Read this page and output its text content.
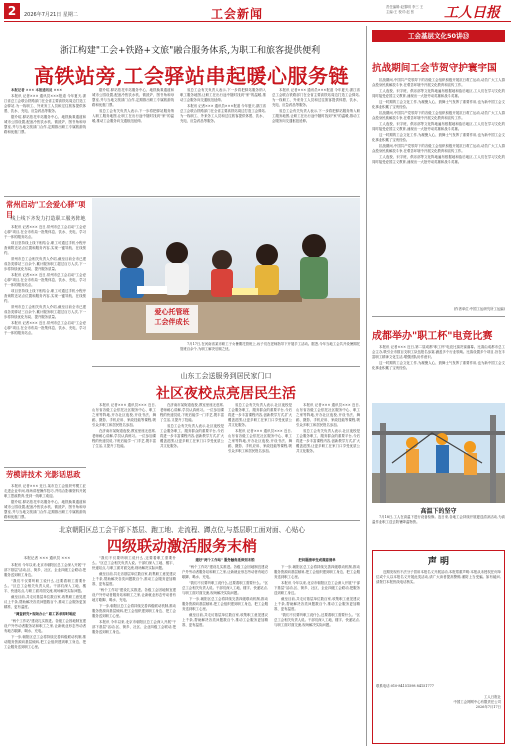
2	2026年7月21日 星期二	工会新闻	责任编辑:赵黎明 李三 王
主编:王 校对:赵 张	工人日报
浙江构建"工会+铁路+文旅"融合服务体系,为职工和旅客提供便利
高铁站旁,工会驿站串起暖心服务链

本报记者 ××× 本报通讯员 ×××

本报讯 记者××× 通讯员×××报道 今年夏天,浙江省总工会联合铁路部门在全省主要高铁站周边打造工会驿站,为一线职工、外来务工人员和过往旅客提供休憩、饮水、充电、应急药品等服务。

据介绍,驿站依托车站服务中心、地铁换乘通道和城市公园设置,配备冷热饮水机、微波炉、图书角和母婴室,并与当地文旅部门合作,定期推出职工专属旅游线路和优惠门票。

据介绍,驿站依托车站服务中心、地铁换乘通道和城市公园设置,配备冷热饮水机、微波炉、图书角和母婴室,并与当地文旅部门合作,定期推出职工专属旅游线路和优惠门票。

省总工会有关负责人表示,下一步将把驿站服务纳入职工服务地图,让职工在出行途中随时找到"家"的温暖,推动工会服务向交通枢纽延伸。

省总工会有关负责人表示,下一步将把驿站服务纳入职工服务地图,让职工在出行途中随时找到"家"的温暖,推动工会服务向交通枢纽延伸。

本报讯 记者××× 通讯员×××报道 今年夏天,浙江省总工会联合铁路部门在全省主要高铁站周边打造工会驿站,为一线职工、外来务工人员和过往旅客提供休憩、饮水、充电、应急药品等服务。

本报讯 记者××× 通讯员×××报道 今年夏天,浙江省总工会联合铁路部门在全省主要高铁站周边打造工会驿站,为一线职工、外来务工人员和过往旅客提供休憩、饮水、充电、应急药品等服务。

省总工会有关负责人表示,下一步将把驿站服务纳入职工服务地图,让职工在出行途中随时找到"家"的温暖,推动工会服务向交通枢纽延伸。

常州启动"工会爱心驿"项目
线上线下齐发力打造职工服务阵地

本报讯 记者××× 近日,常州市总工会启动"工会爱心驿"项目,在全市布局一批集休息、饮水、充电、学习于一体的服务站点。

项目坚持线上线下相结合,职工可通过手机小程序查询附近站点位置和服务内容,实现一键导航、在线预约。

常州市总工会相关负责人介绍,截至目前全市已建成各类驿站三百余个,累计服务职工超过百万人次,下一步将持续优化布局、提升服务质量。

本报讯 记者××× 近日,常州市总工会启动"工会爱心驿"项目,在全市布局一批集休息、饮水、充电、学习于一体的服务站点。

项目坚持线上线下相结合,职工可通过手机小程序查询附近站点位置和服务内容,实现一键导航、在线预约。

常州市总工会相关负责人介绍,截至目前全市已建成各类驿站三百余个,累计服务职工超过百万人次,下一步将持续优化布局、提升服务质量。

本报讯 记者××× 近日,常州市总工会启动"工会爱心驿"项目,在全市布局一批集休息、饮水、充电、学习于一体的服务站点。

劳模讲技术 光影话思政

本报讯 记者××× 近日,某市总工会组织劳模工匠走进企业车间,现场讲授操作技巧,并结合影像资料开展职工思政教育,受到一线职工欢迎。

据介绍,驿站依托车站服务中心、地铁换乘通道和城市公园设置,配备冷热饮水机、微波炉、图书角和母婴室,并与当地文旅部门合作,定期推出职工专属旅游线路和优惠门票。

爱心托管班
工会伴成长
7月17日,在河南省某市职工子女暑期托管班上,孩子们在老师指导下开展手工活动。据悉,今年当地工会共开设暑期托管班百余个,为职工解决后顾之忧。
山东工会送服务到居民家门口
社区夜校点亮居民生活

本报讯 记者××× 通讯员××× 近日,山东省各级工会依托社区服务中心、职工之家等阵地,开办社区夜校,开设书法、舞蹈、摄影、手机应用、家政技能等课程,吸引众多职工和居民报名参加。

在济南市某街道夜校,教室里座无虚席,老师耐心讲解,学员认真练习。一位参加课程的快递员说,下班后能学一门手艺,既丰富了生活,又提升了技能。

在济南市某街道夜校,教室里座无虚席,老师耐心讲解,学员认真练习。一位参加课程的快递员说,下班后能学一门手艺,既丰富了生活,又提升了技能。

省总工会有关负责人表示,社区夜校是工会服务职工、服务群众的重要平台,今后将进一步丰富课程内容,创新教学方式,扩大覆盖范围,让更多职工在家门口享受优质公共文化服务。

省总工会有关负责人表示,社区夜校是工会服务职工、服务群众的重要平台,今后将进一步丰富课程内容,创新教学方式,扩大覆盖范围,让更多职工在家门口享受优质公共文化服务。

本报讯 记者××× 通讯员××× 近日,山东省各级工会依托社区服务中心、职工之家等阵地,开办社区夜校,开设书法、舞蹈、摄影、手机应用、家政技能等课程,吸引众多职工和居民报名参加。

本报讯 记者××× 通讯员××× 近日,山东省各级工会依托社区服务中心、职工之家等阵地,开办社区夜校,开设书法、舞蹈、摄影、手机应用、家政技能等课程,吸引众多职工和居民报名参加。

省总工会有关负责人表示,社区夜校是工会服务职工、服务群众的重要平台,今后将进一步丰富课程内容,创新教学方式,扩大覆盖范围,让更多职工在家门口享受优质公共文化服务。

北京朝阳区总工会干部下基层、跑工地、走流程、蹲点位,与基层职工面对面、心贴心
四级联动激活服务末梢
本报记者 ××× 通讯员 ×××

本报讯 今年以来,北京市朝阳区总工会深入开展"干部下基层"活动,区、街乡、社区、企业四级工会联动,把服务送到职工身边。

"我们不仅要听职工说什么,还要看职工需要什么。"区总工会相关负责人说。干部们深入工地、楼宇、快递站点,与职工面对面交流,现场解决实际问题。

截至目前,共走访基层单位数百家,收集职工意见建议上千条,帮助解决各类问题数百个,推动工会服务更加精准、更有温度。

"调查研究+现场办公" 职工诉求即时响应

"两个工作站"建设扎实推进。各级工会因地制宜建设户外劳动者服务站和职工之家,让新就业形态劳动者有地方歇脚、喝水、充电。

下一步,朝阳区总工会将持续完善四级联动机制,推动服务资源向基层倾斜,把工会组织建到职工身边、把工会服务送到职工心里。

"我们不仅要听职工说什么,还要看职工需要什么。"区总工会相关负责人说。干部们深入工地、楼宇、快递站点,与职工面对面交流,现场解决实际问题。

截至目前,共走访基层单位数百家,收集职工意见建议上千条,帮助解决各类问题数百个,推动工会服务更加精准、更有温度。

"两个工作站"建设扎实推进。各级工会因地制宜建设户外劳动者服务站和职工之家,让新就业形态劳动者有地方歇脚、喝水、充电。

下一步,朝阳区总工会将持续完善四级联动机制,推动服务资源向基层倾斜,把工会组织建到职工身边、把工会服务送到职工心里。

本报讯 今年以来,北京市朝阳区总工会深入开展"干部下基层"活动,区、街乡、社区、企业四级工会联动,把服务送到职工身边。

建好"两个工作站" 服务触角延伸到末梢

"两个工作站"建设扎实推进。各级工会因地制宜建设户外劳动者服务站和职工之家,让新就业形态劳动者有地方歇脚、喝水、充电。

"我们不仅要听职工说什么,还要看职工需要什么。"区总工会相关负责人说。干部们深入工地、楼宇、快递站点,与职工面对面交流,现场解决实际问题。

下一步,朝阳区总工会将持续完善四级联动机制,推动服务资源向基层倾斜,把工会组织建到职工身边、把工会服务送到职工心里。

截至目前,共走访基层单位数百家,收集职工意见建议上千条,帮助解决各类问题数百个,推动工会服务更加精准、更有温度。

把问题清单变成满意清单

下一步,朝阳区总工会将持续完善四级联动机制,推动服务资源向基层倾斜,把工会组织建到职工身边、把工会服务送到职工心里。

本报讯 今年以来,北京市朝阳区总工会深入开展"干部下基层"活动,区、街乡、社区、企业四级工会联动,把服务送到职工身边。

截至目前,共走访基层单位数百家,收集职工意见建议上千条,帮助解决各类问题数百个,推动工会服务更加精准、更有温度。

"我们不仅要听职工说什么,还要看职工需要什么。"区总工会相关负责人说。干部们深入工地、楼宇、快递站点,与职工面对面交流,现场解决实际问题。

工会基层文化50讲⑬
抗战期间工会节贺守护寰宇国

抗战期间,中国共产党领导下的各级工会组织积极开展抗日救亡运动,动员广大工人群众投身民族解放斗争,在艰苦环境中开展文化教育和宣传工作。

工人夜校、识字班、俱乐部等文化阵地遍布根据地和敌后地区,工人们在学习文化的同时接受爱国主义教育,涌现出一大批劳动英雄和战斗英雄。

这一时期的工会文化工作,为凝聚人心、鼓舞士气发挥了重要作用,也为新中国工会文化事业积累了宝贵经验。

抗战期间,中国共产党领导下的各级工会组织积极开展抗日救亡运动,动员广大工人群众投身民族解放斗争,在艰苦环境中开展文化教育和宣传工作。

工人夜校、识字班、俱乐部等文化阵地遍布根据地和敌后地区,工人们在学习文化的同时接受爱国主义教育,涌现出一大批劳动英雄和战斗英雄。

这一时期的工会文化工作,为凝聚人心、鼓舞士气发挥了重要作用,也为新中国工会文化事业积累了宝贵经验。

抗战期间,中国共产党领导下的各级工会组织积极开展抗日救亡运动,动员广大工人群众投身民族解放斗争,在艰苦环境中开展文化教育和宣传工作。

工人夜校、识字班、俱乐部等文化阵地遍布根据地和敌后地区,工人们在学习文化的同时接受爱国主义教育,涌现出一大批劳动英雄和战斗英雄。

(作者单位:中国工运研究所工运编)
成都举办"职工杯"电竞比赛

本报讯 记者××× 近日,第二届成都"职工杯"电竞比赛决赛落幕。比赛由成都市总工会主办,吸引全市数百支职工队伍报名参赛,涵盖多个行业领域。比赛设置多个项目,旨在丰富职工精神文化生活,增强团队协作意识。

这一时期的工会文化工作,为凝聚人心、鼓舞士气发挥了重要作用,也为新中国工会文化事业积累了宝贵经验。

高温下的坚守
7月18日,工人在高温下进行设备检修。连日来,各地工会持续开展夏送清凉活动,为高温作业职工送去防暑降温物资。
声 明
近期发现有不法分子冒用本报名义开展活动,本报郑重声明:本报从未授权任何单位或个人以本报名义开展此类活动,请广大读者提高警惕,谨防上当受骗。如有疑问,请拨打本报热线电话核实。
联系电话:010-84151598 84151777
工人日报社
中国工会网网中心有限责任公司
2026年7月17日
